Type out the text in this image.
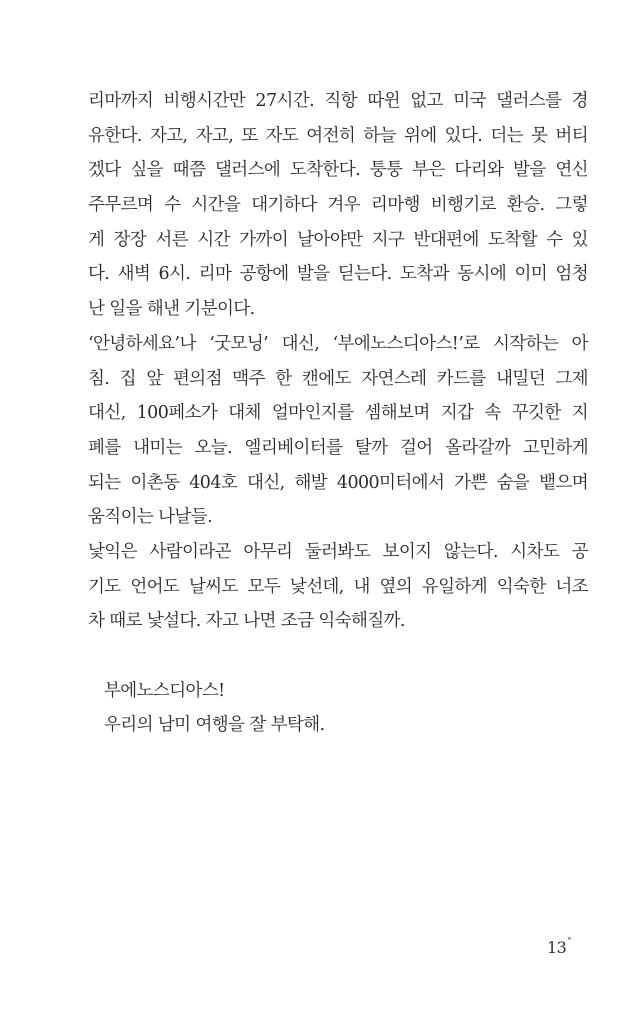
리마까지 비행시간만 27시간. 직항 따윈 없고 미국 댈러스를 경
유한다. 자고, 자고, 또 자도 여전히 하늘 위에 있다. 더는 못 버티
겠다 싶을 때쯤 댈러스에 도착한다. 퉁퉁 부은 다리와 발을 연신
주무르며 수 시간을 대기하다 겨우 리마행 비행기로 환승. 그렇
게 장장 서른 시간 가까이 날아야만 지구 반대편에 도착할 수 있
다. 새벽 6시. 리마 공항에 발을 딛는다. 도착과 동시에 이미 엄청
난 일을 해낸 기분이다.
‘안녕하세요’나 ‘굿모닝’ 대신, ‘부에노스디아스!’로 시작하는 아
침. 집 앞 편의점 맥주 한 캔에도 자연스레 카드를 내밀던 그제
대신, 100페소가 대체 얼마인지를 셈해보며 지갑 속 꾸깃한 지
폐를 내미는 오늘. 엘리베이터를 탈까 걸어 올라갈까 고민하게
되는 이촌동 404호 대신, 해발 4000미터에서 가쁜 숨을 뱉으며
움직이는 나날들.
낯익은 사람이라곤 아무리 둘러봐도 보이지 않는다. 시차도 공
기도 언어도 날씨도 모두 낯선데, 내 옆의 유일하게 익숙한 너조
차 때로 낯설다. 자고 나면 조금 익숙해질까.
부에노스디아스!
우리의 남미 여행을 잘 부탁해.
13°
